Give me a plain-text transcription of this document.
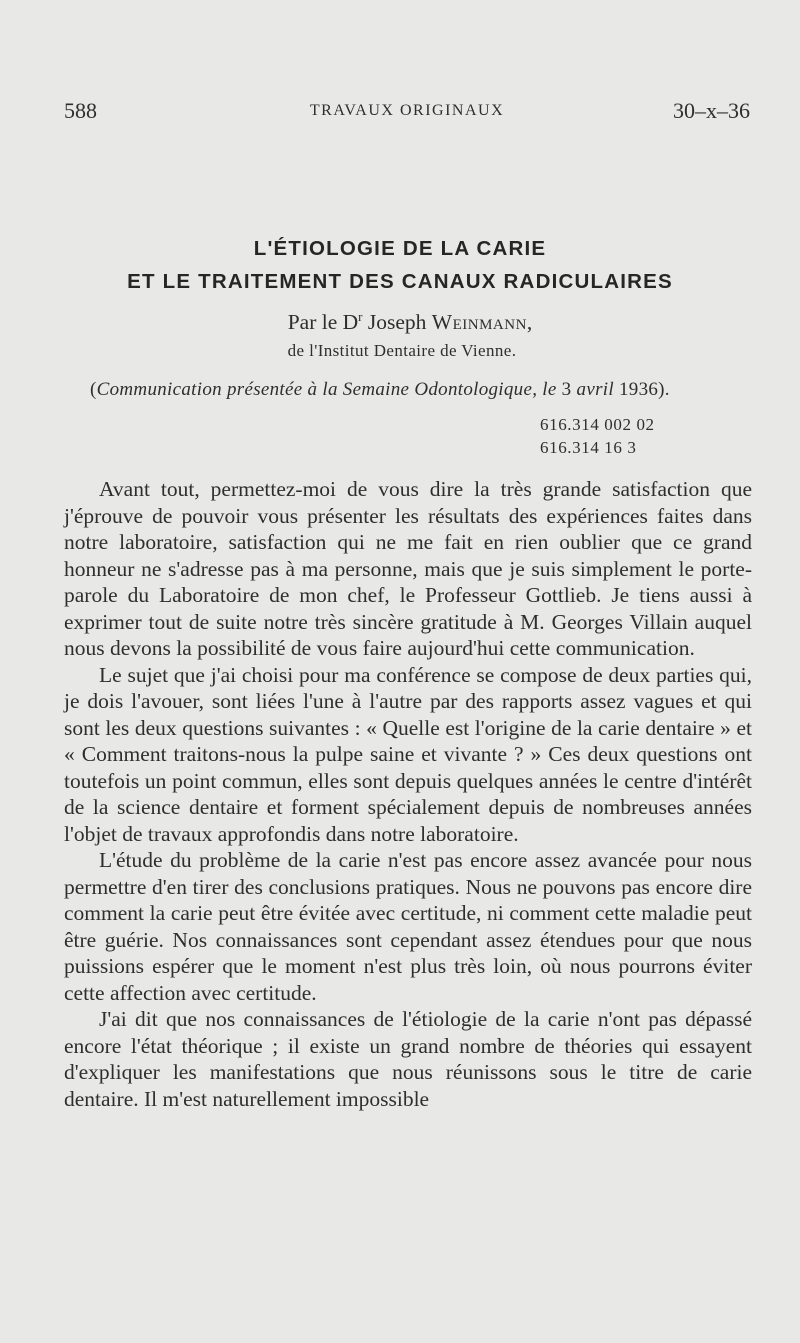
588	TRAVAUX ORIGINAUX	30–x–36
L'ÉTIOLOGIE DE LA CARIE
ET LE TRAITEMENT DES CANAUX RADICULAIRES
Par le $D^r$ Joseph Weinmann,
de l'Institut Dentaire de Vienne.
(Communication présentée à la Semaine Odontologique, le 3 avril 1936).
616.314 002 02
616.314 16 3

Avant tout, permettez-moi de vous dire la très grande satisfaction que j'éprouve de pouvoir vous présenter les résultats des expériences faites dans notre laboratoire, satisfaction qui ne me fait en rien oublier que ce grand honneur ne s'adresse pas à ma personne, mais que je suis simplement le porte-parole du Laboratoire de mon chef, le Professeur Gottlieb. Je tiens aussi à exprimer tout de suite notre très sincère gratitude à M. Georges Villain auquel nous devons la possibilité de vous faire aujourd'hui cette communication.

Le sujet que j'ai choisi pour ma conférence se compose de deux parties qui, je dois l'avouer, sont liées l'une à l'autre par des rapports assez vagues et qui sont les deux questions suivantes : « Quelle est l'origine de la carie dentaire » et « Comment traitons-nous la pulpe saine et vivante ? » Ces deux questions ont toutefois un point commun, elles sont depuis quelques années le centre d'intérêt de la science dentaire et forment spécialement depuis de nombreuses années l'objet de travaux approfondis dans notre laboratoire.

L'étude du problème de la carie n'est pas encore assez avancée pour nous permettre d'en tirer des conclusions pratiques. Nous ne pouvons pas encore dire comment la carie peut être évitée avec certitude, ni comment cette maladie peut être guérie. Nos connaissances sont cependant assez étendues pour que nous puissions espérer que le moment n'est plus très loin, où nous pourrons éviter cette affection avec certitude.

J'ai dit que nos connaissances de l'étiologie de la carie n'ont pas dépassé encore l'état théorique ; il existe un grand nombre de théories qui essayent d'expliquer les manifestations que nous réunissons sous le titre de carie dentaire. Il m'est naturellement impossible
